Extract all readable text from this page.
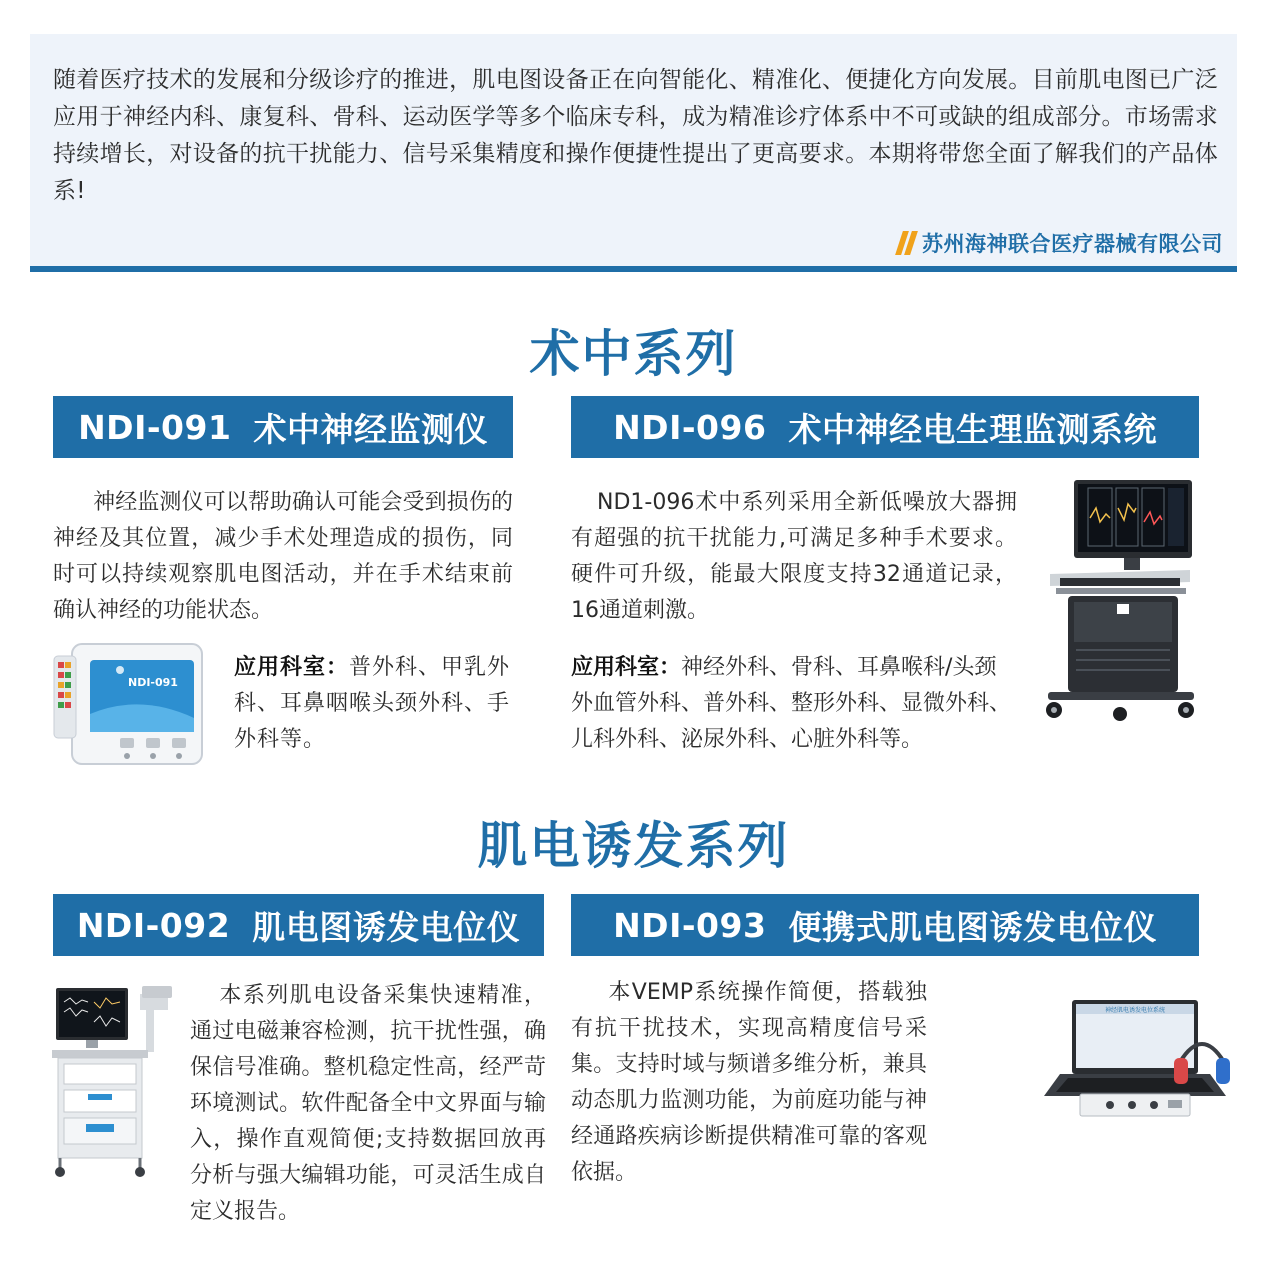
随着医疗技术的发展和分级诊疗的推进，肌电图设备正在向智能化、精准化、便捷化方向发展。目前肌电图已广泛应用于神经内科、康复科、骨科、运动医学等多个临床专科，成为精准诊疗体系中不可或缺的组成部分。市场需求持续增长，对设备的抗干扰能力、信号采集精度和操作便捷性提出了更高要求。本期将带您全面了解我们的产品体系!

苏州海神联合医疗器械有限公司
术中系列
NDI-091 术中神经监测仪	NDI-096 术中神经电生理监测系统

神经监测仪可以帮助确认可能会受到损伤的神经及其位置，减少手术处理造成的损伤，同时可以持续观察肌电图活动，并在手术结束前确认神经的功能状态。

NDI-091

应用科室：普外科、甲乳外科、耳鼻咽喉头颈外科、手外科等。

ND1-096术中系列采用全新低噪放大器拥有超强的抗干扰能力,可满足多种手术要求。硬件可升级，能最大限度支持32通道记录，16通道刺激。

应用科室：神经外科、骨科、耳鼻喉科/头颈外血管外科、普外科、整形外科、显微外科、儿科外科、泌尿外科、心脏外科等。

肌电诱发系列
NDI-092 肌电图诱发电位仪	NDI-093 便携式肌电图诱发电位仪

本系列肌电设备采集快速精准，通过电磁兼容检测，抗干扰性强，确保信号准确。整机稳定性高，经严苛环境测试。软件配备全中文界面与输入，操作直观简便;支持数据回放再分析与强大编辑功能，可灵活生成自定义报告。

本VEMP系统操作简便，搭载独有抗干扰技术，实现高精度信号采集。支持时域与频谱多维分析，兼具动态肌力监测功能，为前庭功能与神经通路疾病诊断提供精准可靠的客观依据。

神经肌电诱发电位系统
